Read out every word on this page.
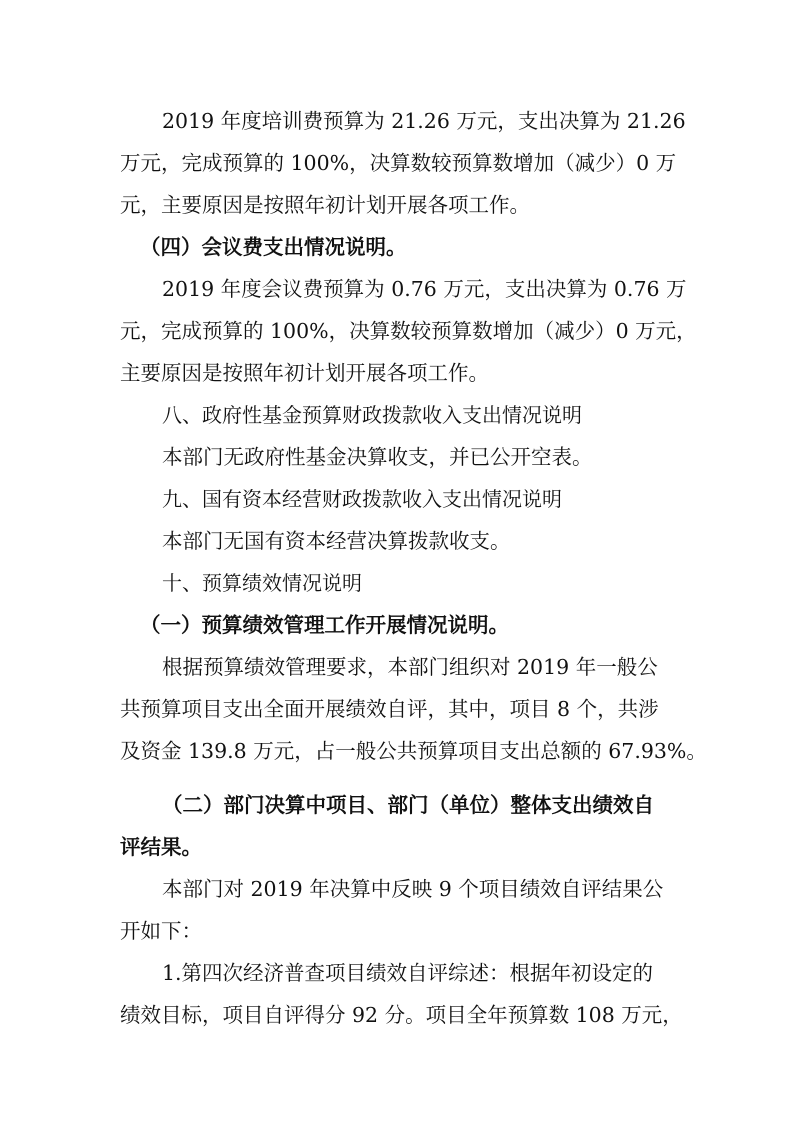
2019 年度培训费预算为 21.26 万元，支出决算为 21.26
万元，完成预算的 100%，决算数较预算数增加（减少）0 万
元，主要原因是按照年初计划开展各项工作。
（四）会议费支出情况说明。
2019 年度会议费预算为 0.76 万元，支出决算为 0.76 万
元，完成预算的 100%，决算数较预算数增加（减少）0 万元，
主要原因是按照年初计划开展各项工作。
八、政府性基金预算财政拨款收入支出情况说明
本部门无政府性基金决算收支，并已公开空表。
九、国有资本经营财政拨款收入支出情况说明
本部门无国有资本经营决算拨款收支。
十、预算绩效情况说明
（一）预算绩效管理工作开展情况说明。
根据预算绩效管理要求，本部门组织对 2019 年一般公
共预算项目支出全面开展绩效自评，其中，项目 8 个，共涉
及资金 139.8 万元，占一般公共预算项目支出总额的 67.93%。
（二）部门决算中项目、部门（单位）整体支出绩效自
评结果。
本部门对 2019 年决算中反映 9 个项目绩效自评结果公
开如下：
1.第四次经济普查项目绩效自评综述：根据年初设定的
绩效目标，项目自评得分 92 分。项目全年预算数 108 万元，
